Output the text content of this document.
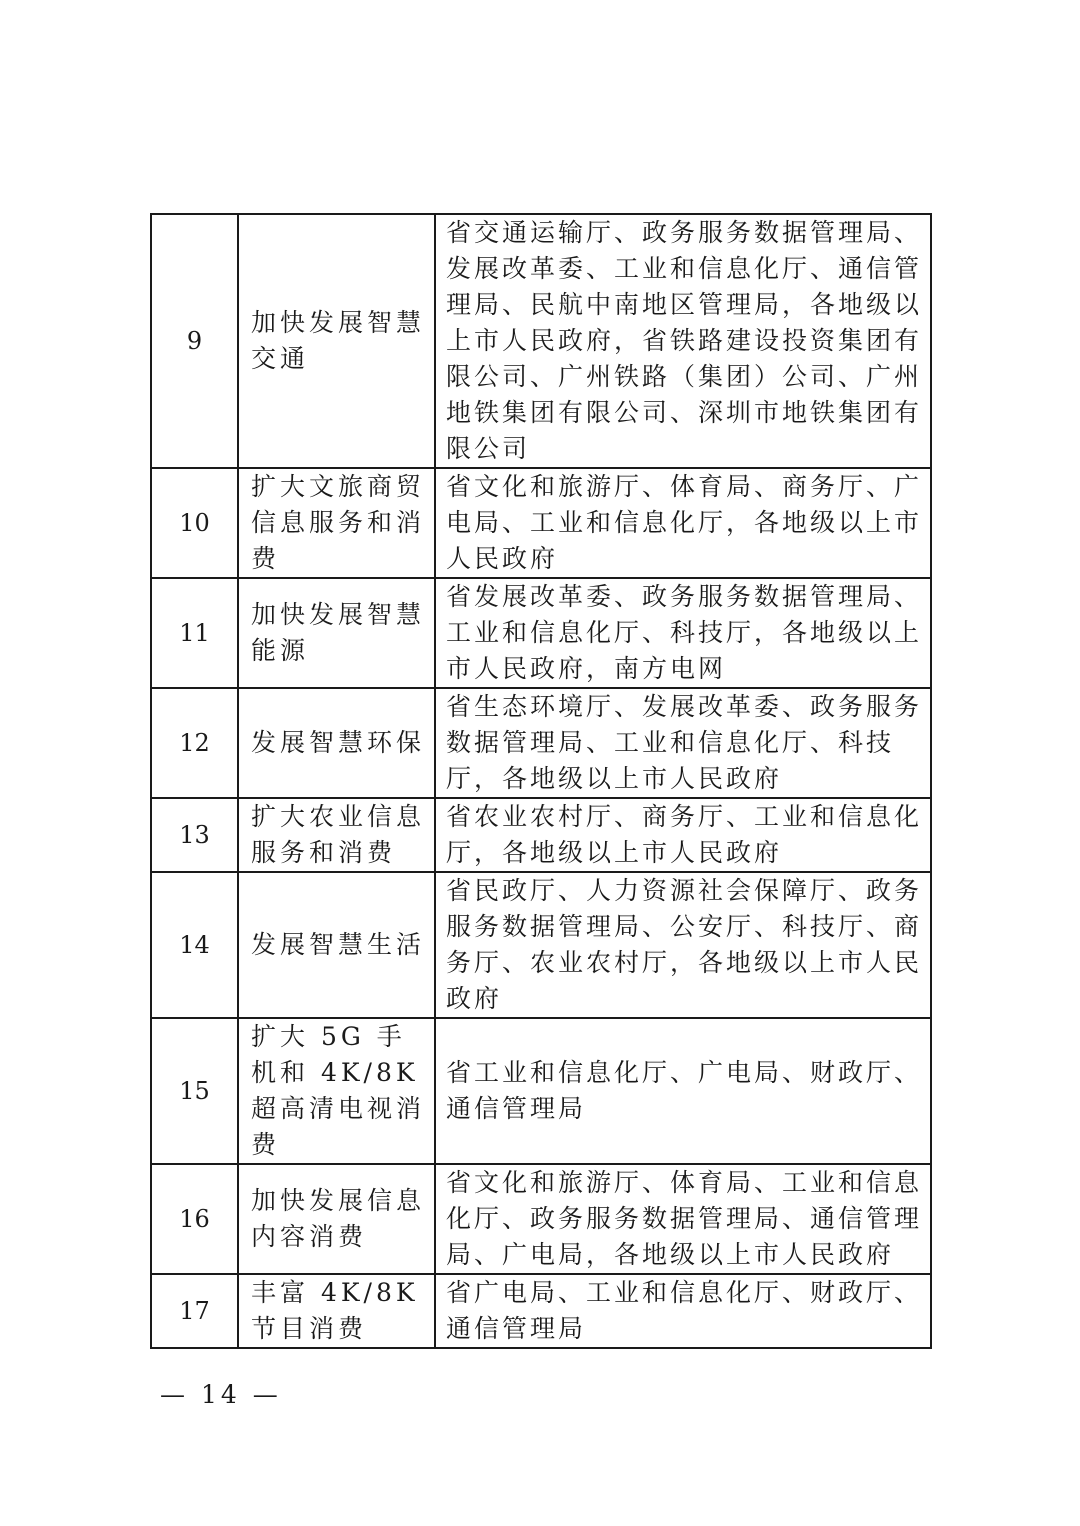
9	加快发展智慧交通	省交通运输厅、政务服务数据管理局、发展改革委、工业和信息化厅、通信管理局、民航中南地区管理局，各地级以上市人民政府，省铁路建设投资集团有限公司、广州铁路（集团）公司、广州地铁集团有限公司、深圳市地铁集团有限公司
10	扩大文旅商贸信息服务和消费	省文化和旅游厅、体育局、商务厅、广电局、工业和信息化厅，各地级以上市人民政府
11	加快发展智慧能源	省发展改革委、政务服务数据管理局、工业和信息化厅、科技厅，各地级以上市人民政府，南方电网
12	发展智慧环保	省生态环境厅、发展改革委、政务服务数据管理局、工业和信息化厅、科技厅，各地级以上市人民政府
13	扩大农业信息服务和消费	省农业农村厅、商务厅、工业和信息化厅，各地级以上市人民政府
14	发展智慧生活	省民政厅、人力资源社会保障厅、政务服务数据管理局、公安厅、科技厅、商务厅、农业农村厅，各地级以上市人民政府
15	扩大 5G 手机和 4K/8K 超高清电视消费	省工业和信息化厅、广电局、财政厅、通信管理局
16	加快发展信息内容消费	省文化和旅游厅、体育局、工业和信息化厅、政务服务数据管理局、通信管理局、广电局，各地级以上市人民政府
17	丰富 4K/8K 节目消费	省广电局、工业和信息化厅、财政厅、通信管理局
— 14 —
